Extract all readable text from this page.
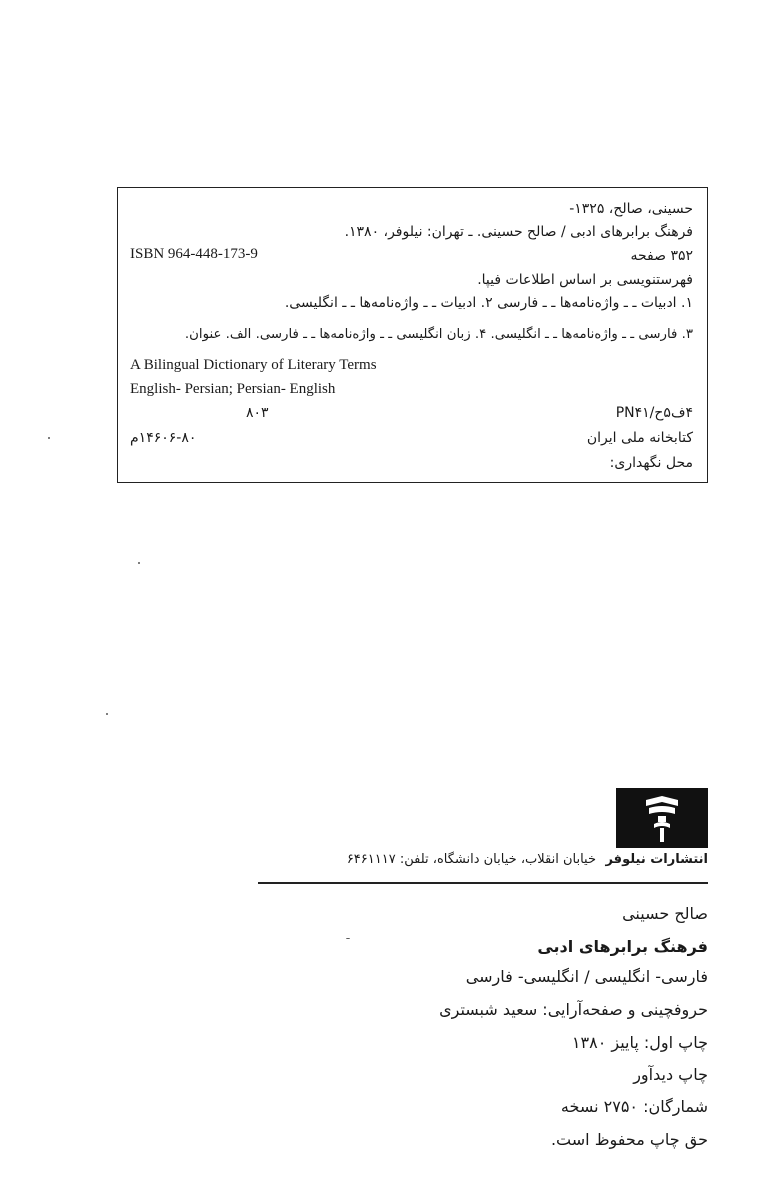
حسینی، صالح، ۱۳۲۵-
فرهنگ برابرهای ادبی / صالح حسینی. ـ تهران: نیلوفر، ۱۳۸۰.
۳۵۲ صفحه
ISBN 964-448-173-9
فهرستنویسی بر اساس اطلاعات فیپا.
۱. ادبیات ـ ـ واژه‌نامه‌ها ـ ـ فارسی ۲. ادبیات ـ ـ واژه‌نامه‌ها ـ ـ انگلیسی.
۳. فارسی ـ ـ واژه‌نامه‌ها ـ ـ انگلیسی. ۴. زبان انگلیسی ـ ـ واژه‌نامه‌ها ـ ـ فارسی. الف. عنوان.
A Bilingual Dictionary of Literary Terms
English- Persian; Persian- English
۴ف۵ح/PN۴۱
۸۰۳
کتابخانه ملی ایران
۱۴۶۰۶-۸۰م
محل نگهداری:
انتشارات نیلوفر
خیابان انقلاب، خیابان دانشگاه، تلفن: ۶۴۶۱۱۱۷
صالح حسینی
فرهنگ برابرهای ادبی
فارسی- انگلیسی / انگلیسی- فارسی
حروفچینی و صفحه‌آرایی: سعید شبستری
چاپ اول: پاییز ۱۳۸۰
چاپ دیدآور
شمارگان: ۲۷۵۰ نسخه
حق چاپ محفوظ است.
